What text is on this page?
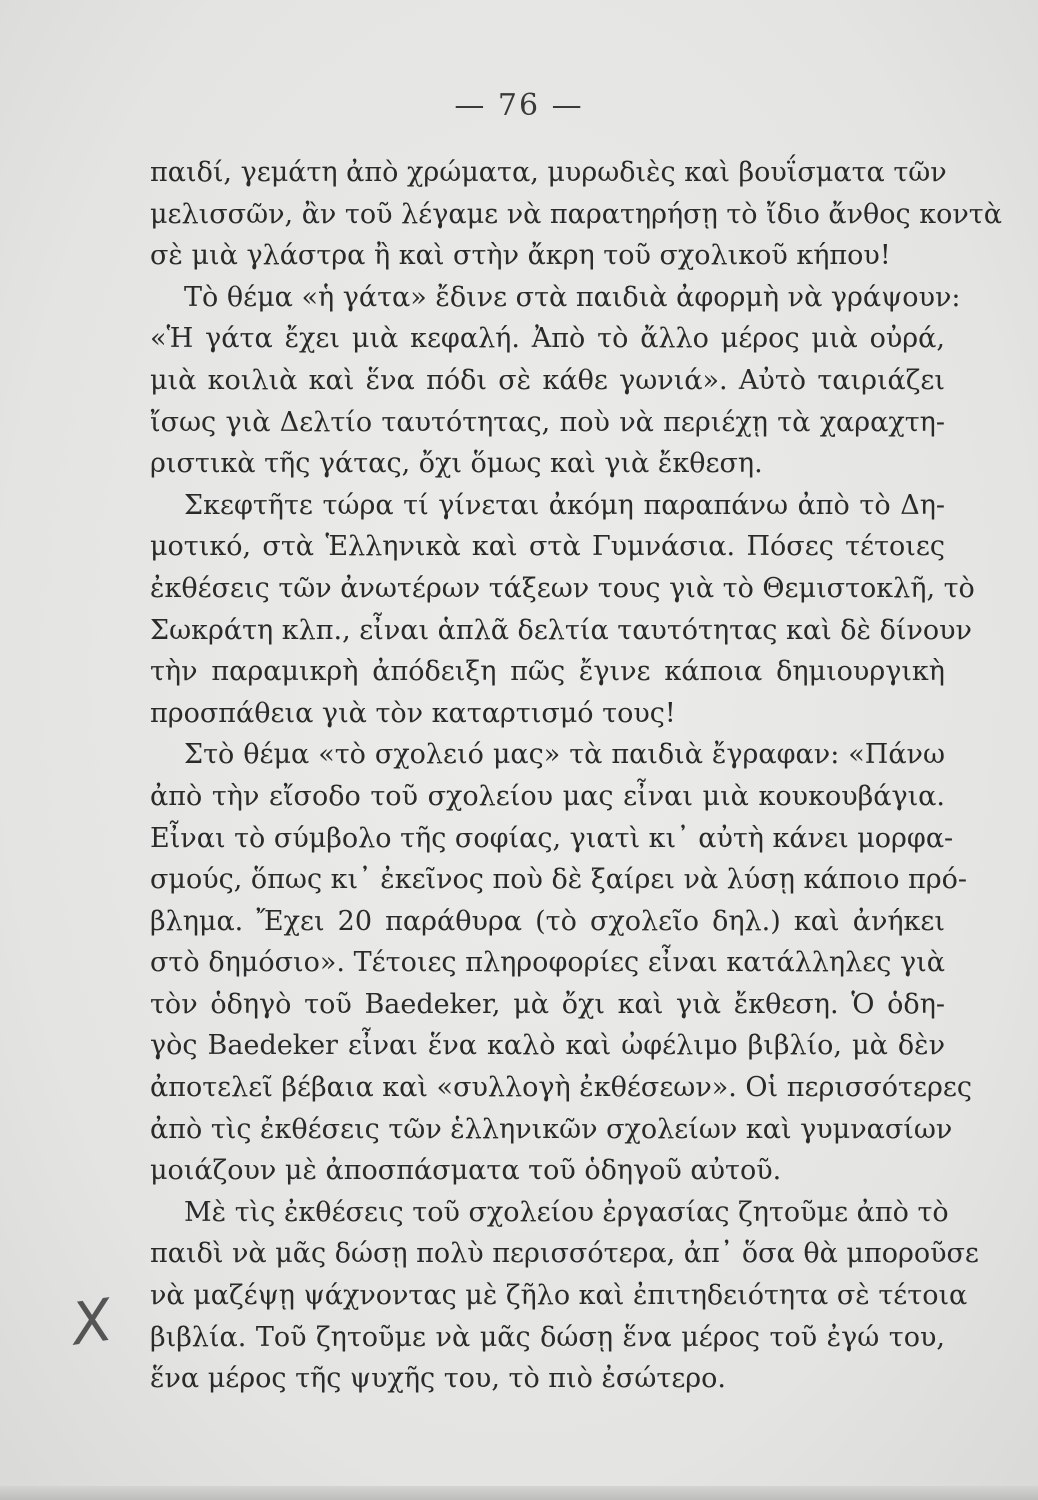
— 76 —
παιδί, γεμάτη ἀπὸ χρώματα, μυρωδιὲς καὶ βουΐσματα τῶν
μελισσῶν, ἂν τοῦ λέγαμε νὰ παρατηρήσῃ τὸ ἴδιο ἄνθος κοντὰ
σὲ μιὰ γλάστρα ἢ καὶ στὴν ἄκρη τοῦ σχολικοῦ κήπου!
Τὸ θέμα «ἡ γάτα» ἔδινε στὰ παιδιὰ ἀφορμὴ νὰ γράψουν:
«Ἡ γάτα ἔχει μιὰ κεφαλή. Ἀπὸ τὸ ἄλλο μέρος μιὰ οὐρά,
μιὰ κοιλιὰ καὶ ἕνα πόδι σὲ κάθε γωνιά». Αὐτὸ ταιριάζει
ἴσως γιὰ Δελτίο ταυτότητας, ποὺ νὰ περιέχῃ τὰ χαραχτη-
ριστικὰ τῆς γάτας, ὄχι ὅμως καὶ γιὰ ἔκθεση.
Σκεφτῆτε τώρα τί γίνεται ἀκόμη παραπάνω ἀπὸ τὸ Δη-
μοτικό, στὰ Ἑλληνικὰ καὶ στὰ Γυμνάσια. Πόσες τέτοιες
ἐκθέσεις τῶν ἀνωτέρων τάξεων τους γιὰ τὸ Θεμιστοκλῆ, τὸ
Σωκράτη κλπ., εἶναι ἁπλᾶ δελτία ταυτότητας καὶ δὲ δίνουν
τὴν παραμικρὴ ἀπόδειξη πῶς ἔγινε κάποια δημιουργικὴ
προσπάθεια γιὰ τὸν καταρτισμό τους!
Στὸ θέμα «τὸ σχολειό μας» τὰ παιδιὰ ἔγραφαν: «Πάνω
ἀπὸ τὴν εἴσοδο τοῦ σχολείου μας εἶναι μιὰ κουκουβάγια.
Εἶναι τὸ σύμβολο τῆς σοφίας, γιατὶ κι᾿ αὐτὴ κάνει μορφα-
σμούς, ὅπως κι᾿ ἐκεῖνος ποὺ δὲ ξαίρει νὰ λύσῃ κάποιο πρό-
βλημα. Ἔχει 20 παράθυρα (τὸ σχολεῖο δηλ.) καὶ ἀνήκει
στὸ δημόσιο». Τέτοιες πληροφορίες εἶναι κατάλληλες γιὰ
τὸν ὁδηγὸ τοῦ Baedeker, μὰ ὄχι καὶ γιὰ ἔκθεση. Ὁ ὁδη-
γὸς Baedeker εἶναι ἕνα καλὸ καὶ ὠφέλιμο βιβλίο, μὰ δὲν
ἀποτελεῖ βέβαια καὶ «συλλογὴ ἐκθέσεων». Οἱ περισσότερες
ἀπὸ τὶς ἐκθέσεις τῶν ἑλληνικῶν σχολείων καὶ γυμνασίων
μοιάζουν μὲ ἀποσπάσματα τοῦ ὁδηγοῦ αὐτοῦ.
Μὲ τὶς ἐκθέσεις τοῦ σχολείου ἐργασίας ζητοῦμε ἀπὸ τὸ
παιδὶ νὰ μᾶς δώσῃ πολὺ περισσότερα, ἀπ᾿ ὅσα θὰ μποροῦσε
νὰ μαζέψῃ ψάχνοντας μὲ ζῆλο καὶ ἐπιτηδειότητα σὲ τέτοια
βιβλία. Τοῦ ζητοῦμε νὰ μᾶς δώσῃ ἕνα μέρος τοῦ ἐγώ του,
ἕνα μέρος τῆς ψυχῆς του, τὸ πιὸ ἐσώτερο.
X
